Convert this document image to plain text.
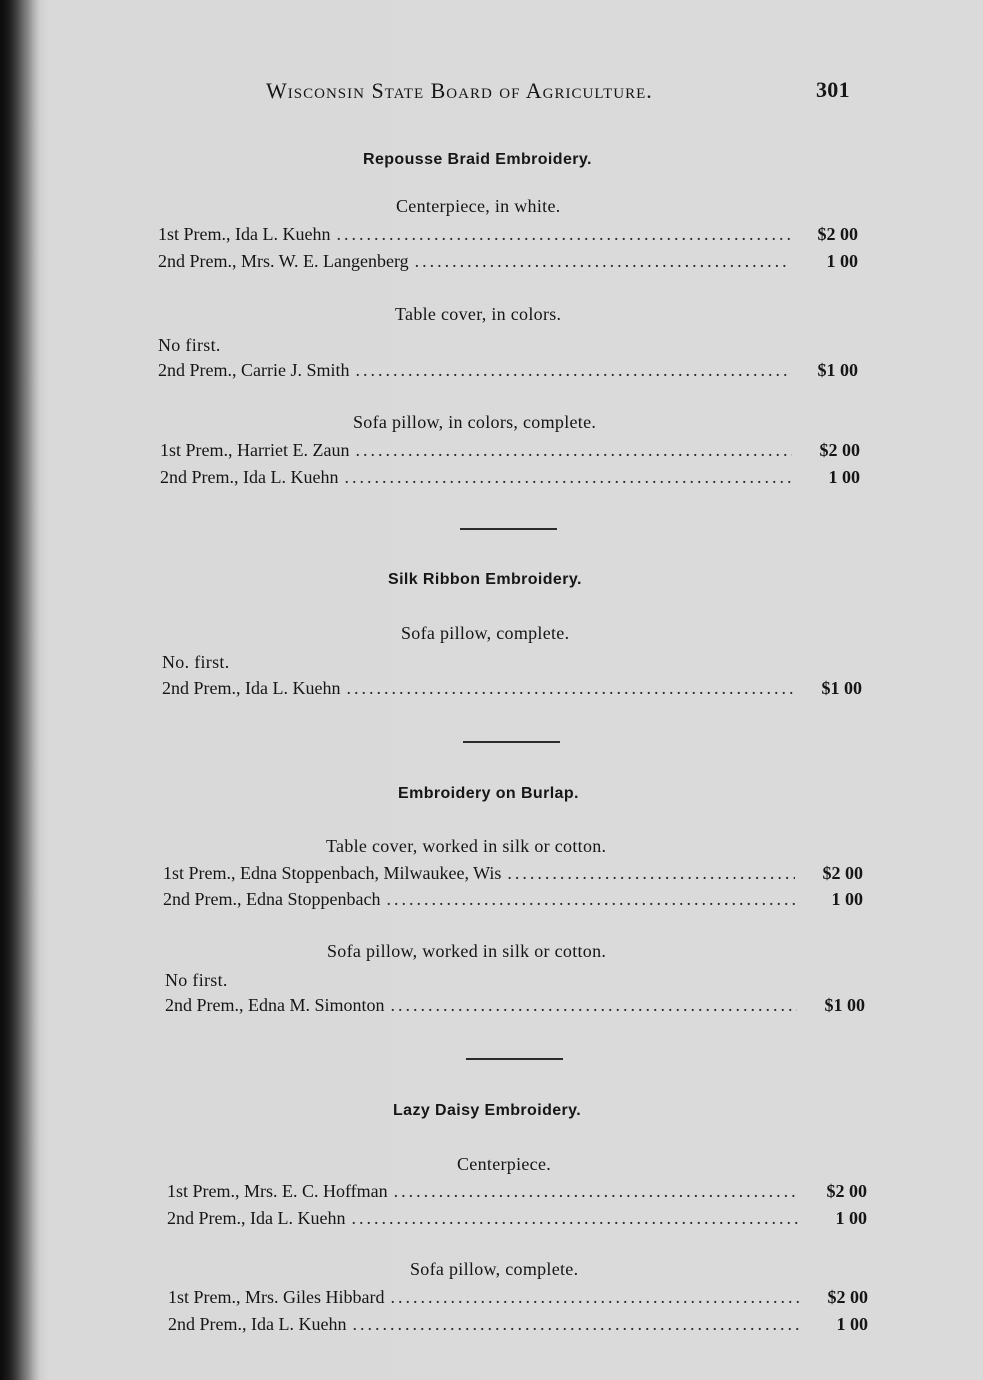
Wisconsin State Board of Agriculture.	301
Repousse Braid Embroidery.
Centerpiece, in white.
1st Prem., Ida L. Kuehn .....	$2 00
2nd Prem., Mrs. W. E. Langenberg .....	1 00
Table cover, in colors.
No first.
2nd Prem., Carrie J. Smith .....	$1 00
Sofa pillow, in colors, complete.
1st Prem., Harriet E. Zaun .....	$2 00
2nd Prem., Ida L. Kuehn .....	1 00
Silk Ribbon Embroidery.
Sofa pillow, complete.
No. first.
2nd Prem., Ida L. Kuehn .....	$1 00
Embroidery on Burlap.
Table cover, worked in silk or cotton.
1st Prem., Edna Stoppenbach, Milwaukee, Wis .....	$2 00
2nd Prem., Edna Stoppenbach .....	1 00
Sofa pillow, worked in silk or cotton.
No first.
2nd Prem., Edna M. Simonton .....	$1 00
Lazy Daisy Embroidery.
Centerpiece.
1st Prem., Mrs. E. C. Hoffman .....	$2 00
2nd Prem., Ida L. Kuehn .....	1 00
Sofa pillow, complete.
1st Prem., Mrs. Giles Hibbard .....	$2 00
2nd Prem., Ida L. Kuehn .....	1 00
